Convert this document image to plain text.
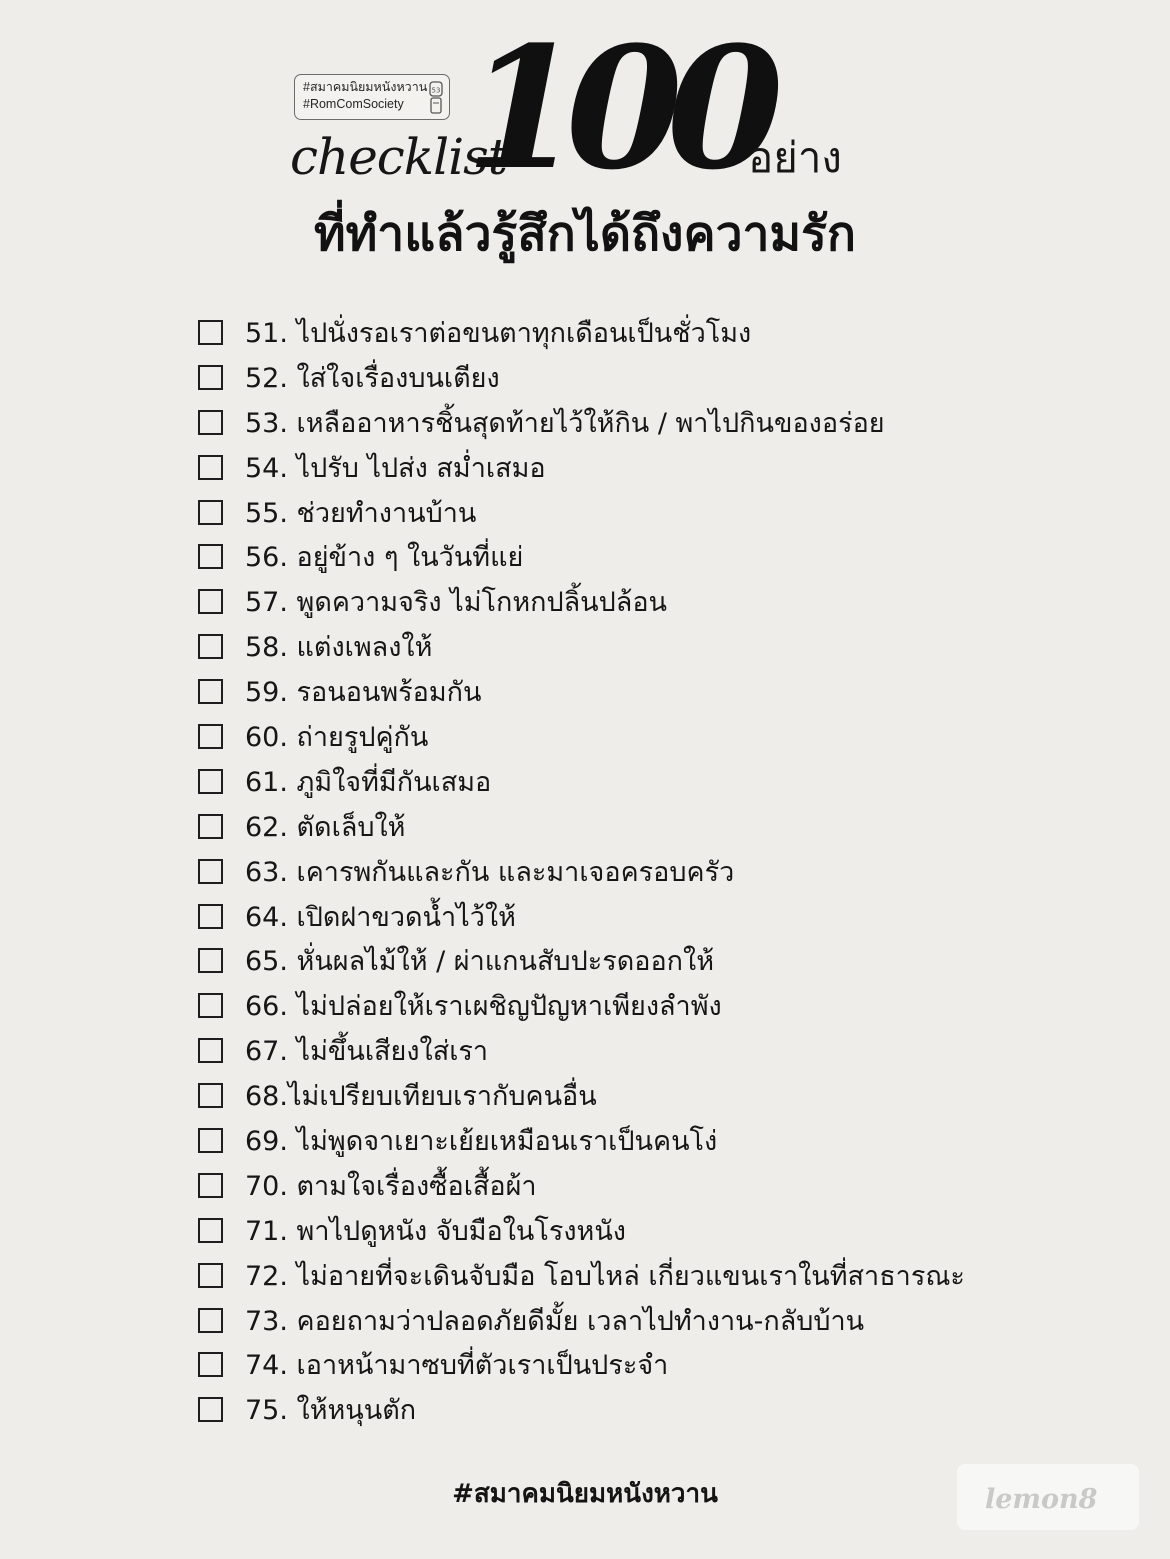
#สมาคมนิยมหนังหวาน
#RomComSociety
53
checklist
100
อย่าง
ที่ทำแล้วรู้สึกได้ถึงความรัก
51. ไปนั่งรอเราต่อขนตาทุกเดือนเป็นชั่วโมง
52. ใส่ใจเรื่องบนเตียง
53. เหลืออาหารชิ้นสุดท้ายไว้ให้กิน / พาไปกินของอร่อย
54. ไปรับ ไปส่ง สม่ำเสมอ
55. ช่วยทำงานบ้าน
56. อยู่ข้าง ๆ ในวันที่แย่
57. พูดความจริง ไม่โกหกปลิ้นปล้อน
58. แต่งเพลงให้
59. รอนอนพร้อมกัน
60. ถ่ายรูปคู่กัน
61. ภูมิใจที่มีกันเสมอ
62. ตัดเล็บให้
63. เคารพกันและกัน และมาเจอครอบครัว
64. เปิดฝาขวดน้ำไว้ให้
65. หั่นผลไม้ให้ / ผ่าแกนสับปะรดออกให้
66. ไม่ปล่อยให้เราเผชิญปัญหาเพียงลำพัง
67. ไม่ขึ้นเสียงใส่เรา
68.ไม่เปรียบเทียบเรากับคนอื่น
69. ไม่พูดจาเยาะเย้ยเหมือนเราเป็นคนโง่
70. ตามใจเรื่องซื้อเสื้อผ้า
71. พาไปดูหนัง จับมือในโรงหนัง
72. ไม่อายที่จะเดินจับมือ โอบไหล่ เกี่ยวแขนเราในที่สาธารณะ
73. คอยถามว่าปลอดภัยดีมั้ย เวลาไปทำงาน-กลับบ้าน
74. เอาหน้ามาซบที่ตัวเราเป็นประจำ
75. ให้หนุนตัก
#สมาคมนิยมหนังหวาน	lemon8
